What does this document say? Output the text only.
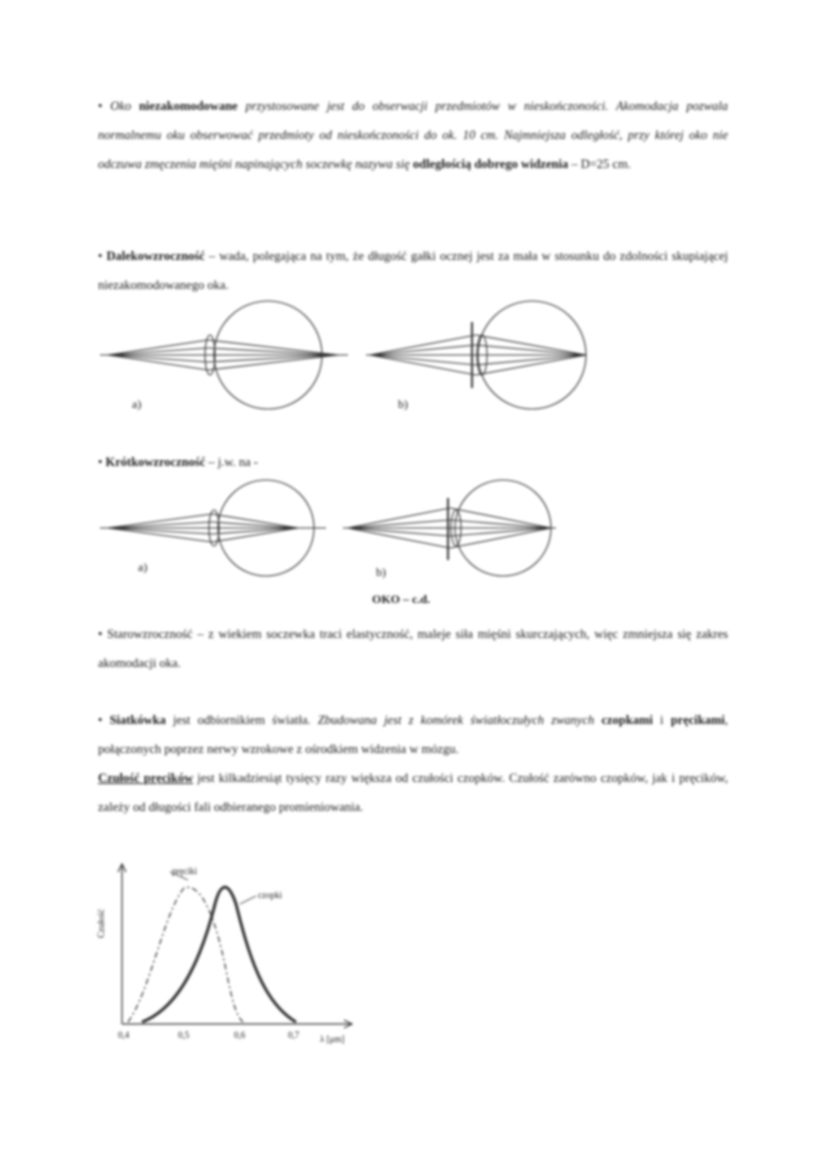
• Oko niezakomodowane przystosowane jest do obserwacji przedmiotów w nieskończoności. Akomodacja pozwala normalnemu oku obserwować przedmioty od nieskończoności do ok. 10 cm. Najmniejsza odległość, przy której oko nie odczuwa zmęczenia mięśni napinających soczewkę nazywa się odległością dobrego widzenia – D=25 cm.
• Dalekowzroczność – wada, polegająca na tym, że długość gałki ocznej jest za mała w stosunku do zdolności skupiającej niezakomodowanego oka.
a)	b)
• Krótkowzroczność – j.w. na -
a)	b)
OKO – c.d.
• Starowzroczność – z wiekiem soczewka traci elastyczność, maleje siła mięśni skurczających, więc zmniejsza się zakres akomodacji oka.
• Siatkówka jest odbiornikiem światła. Zbudowana jest z komórek światłoczułych zwanych czopkami i pręcikami, połączonych poprzez nerwy wzrokowe z ośrodkiem widzenia w mózgu.
Czułość pręcików jest kilkadziesiąt tysięcy razy większa od czułości czopków. Czułość zarówno czopków, jak i pręcików, zależy od długości fali odbieranego promieniowania.
Czułość
pręciki
czopki
0,4	0,5	0,6	0,7 λ [μm]
